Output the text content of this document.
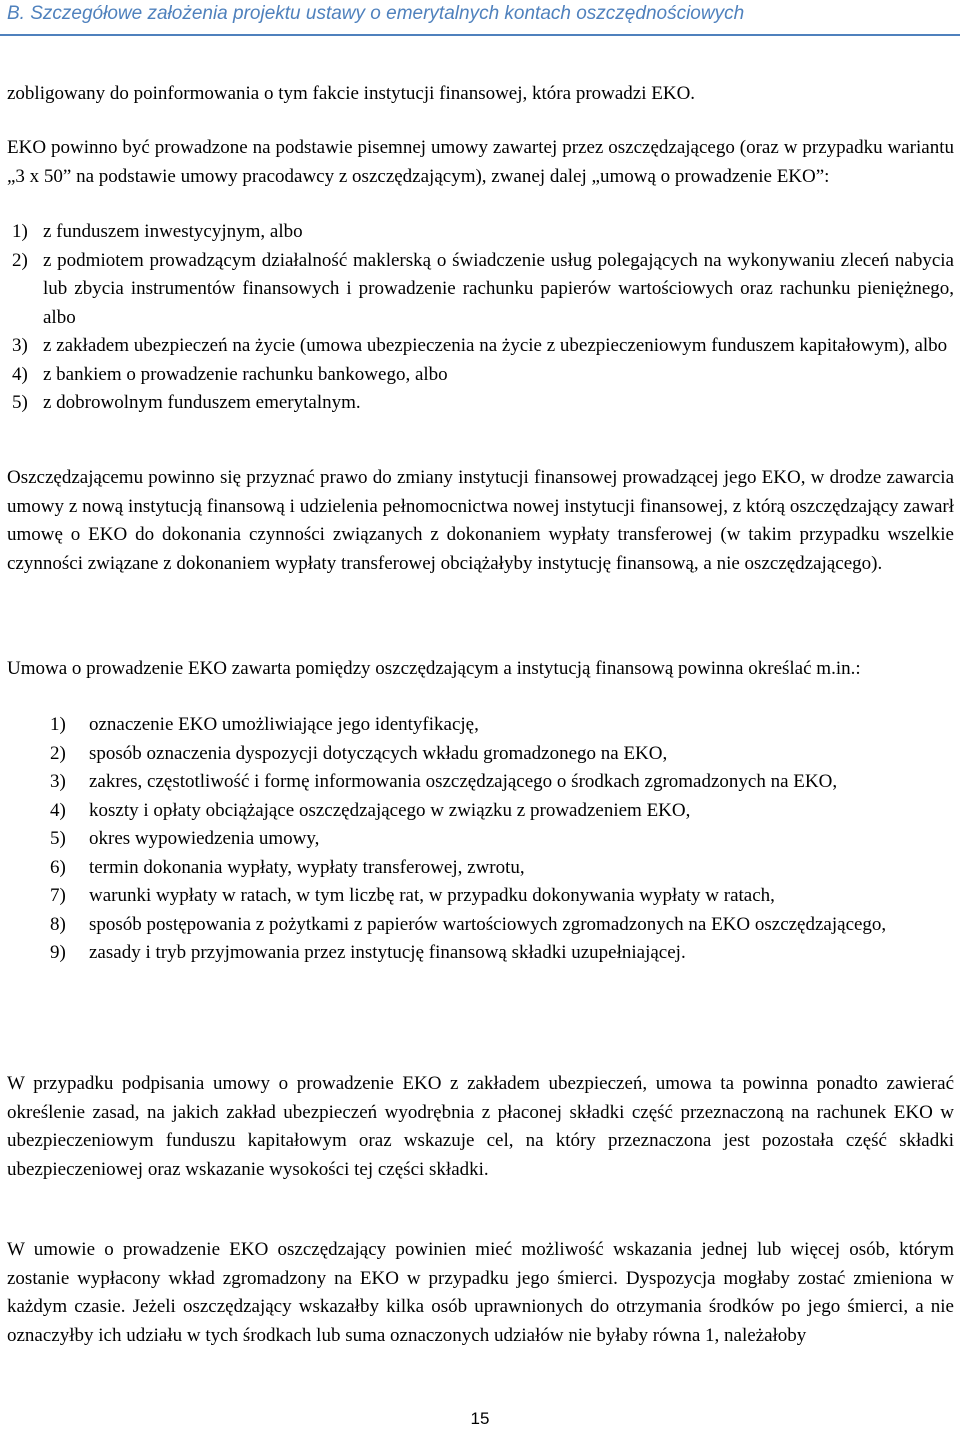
B. Szczegółowe założenia projektu ustawy o emerytalnych kontach oszczędnościowych

zobligowany do poinformowania o tym fakcie instytucji finansowej, która prowadzi EKO.

EKO powinno być prowadzone na podstawie pisemnej umowy zawartej przez oszczędzającego (oraz w przypadku wariantu „3 x 50” na podstawie umowy pracodawcy z oszczędzającym), zwanej dalej „umową o prowadzenie EKO”:

1) z funduszem inwestycyjnym, albo
2) z podmiotem prowadzącym działalność maklerską o świadczenie usług polegających na wykonywaniu zleceń nabycia lub zbycia instrumentów finansowych i prowadzenie rachunku papierów wartościowych oraz rachunku pieniężnego, albo
3) z zakładem ubezpieczeń na życie (umowa ubezpieczenia na życie z ubezpieczeniowym funduszem kapitałowym), albo
4) z bankiem o prowadzenie rachunku bankowego, albo
5) z dobrowolnym funduszem emerytalnym.

Oszczędzającemu powinno się przyznać prawo do zmiany instytucji finansowej prowadzącej jego EKO, w drodze zawarcia umowy z nową instytucją finansową i udzielenia pełnomocnictwa nowej instytucji finansowej, z którą oszczędzający zawarł umowę o EKO do dokonania czynności związanych z dokonaniem wypłaty transferowej (w takim przypadku wszelkie czynności związane z dokonaniem wypłaty transferowej obciążałyby instytucję finansową, a nie oszczędzającego).

Umowa o prowadzenie EKO zawarta pomiędzy oszczędzającym a instytucją finansową powinna określać m.in.:

1) oznaczenie EKO umożliwiające jego identyfikację,
2) sposób oznaczenia dyspozycji dotyczących wkładu gromadzonego na EKO,
3) zakres, częstotliwość i formę informowania oszczędzającego o środkach zgromadzonych na EKO,
4) koszty i opłaty obciążające oszczędzającego w związku z prowadzeniem EKO,
5) okres wypowiedzenia umowy,
6) termin dokonania wypłaty, wypłaty transferowej, zwrotu,
7) warunki wypłaty w ratach, w tym liczbę rat, w przypadku dokonywania wypłaty w ratach,
8) sposób postępowania z pożytkami z papierów wartościowych zgromadzonych na EKO oszczędzającego,
9) zasady i tryb przyjmowania przez instytucję finansową składki uzupełniającej.

W przypadku podpisania umowy o prowadzenie EKO z zakładem ubezpieczeń, umowa ta powinna ponadto zawierać określenie zasad, na jakich zakład ubezpieczeń wyodrębnia z płaconej składki część przeznaczoną na rachunek EKO w ubezpieczeniowym funduszu kapitałowym oraz wskazuje cel, na który przeznaczona jest pozostała część składki ubezpieczeniowej oraz wskazanie wysokości tej części składki.

W umowie o prowadzenie EKO oszczędzający powinien mieć możliwość wskazania jednej lub więcej osób, którym zostanie wypłacony wkład zgromadzony na EKO w przypadku jego śmierci. Dyspozycja mogłaby zostać zmieniona w każdym czasie. Jeżeli oszczędzający wskazałby kilka osób uprawnionych do otrzymania środków po jego śmierci, a nie oznaczyłby ich udziału w tych środkach lub suma oznaczonych udziałów nie byłaby równa 1, należałoby

15
